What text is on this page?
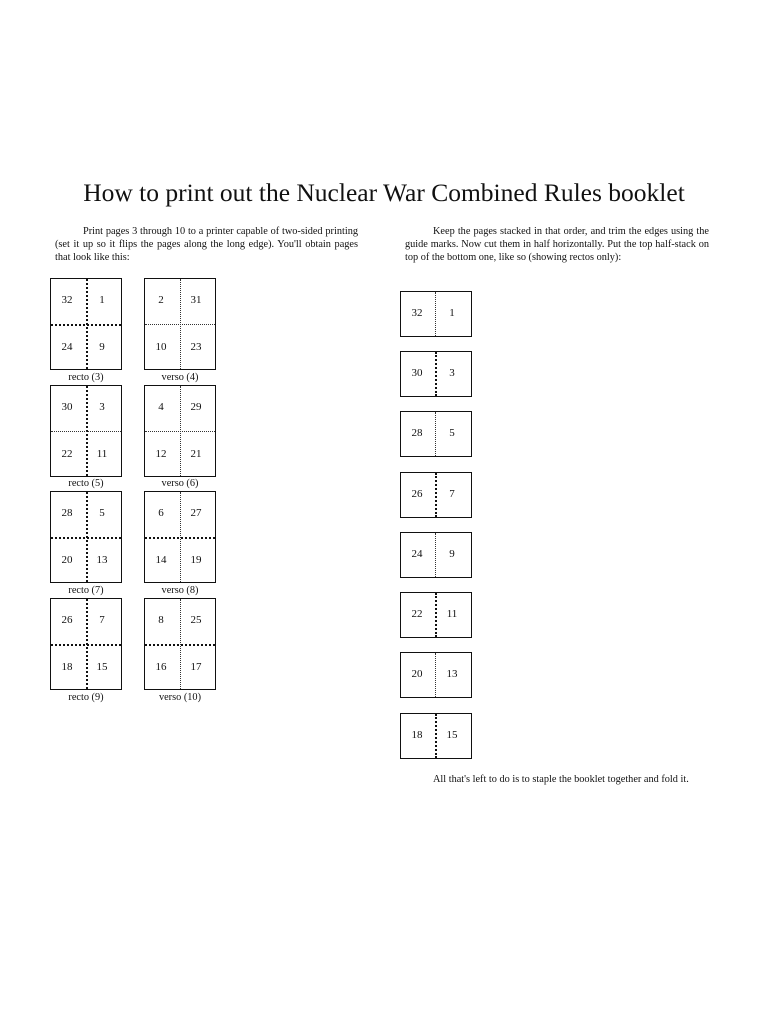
How to print out the Nuclear War Combined Rules booklet

Print pages 3 through 10 to a printer capable of two-sided printing (set it up so it flips the pages along the long edge). You'll obtain pages that look like this:

Keep the pages stacked in that order, and trim the edges using the guide marks. Now cut them in half horizontally. Put the top half-stack on top of the bottom one, like so (showing rectos only):

All that's left to do is to staple the booklet together and fold it.

32	1
24	9
recto (3)
2	31
10	23
verso (4)
30	3
22	11
recto (5)
4	29
12	21
verso (6)
28	5
20	13
recto (7)
6	27
14	19
verso (8)
26	7
18	15
recto (9)
8	25
16	17
verso (10)
32	1
30	3
28	5
26	7
24	9
22	11
20	13
18	15
